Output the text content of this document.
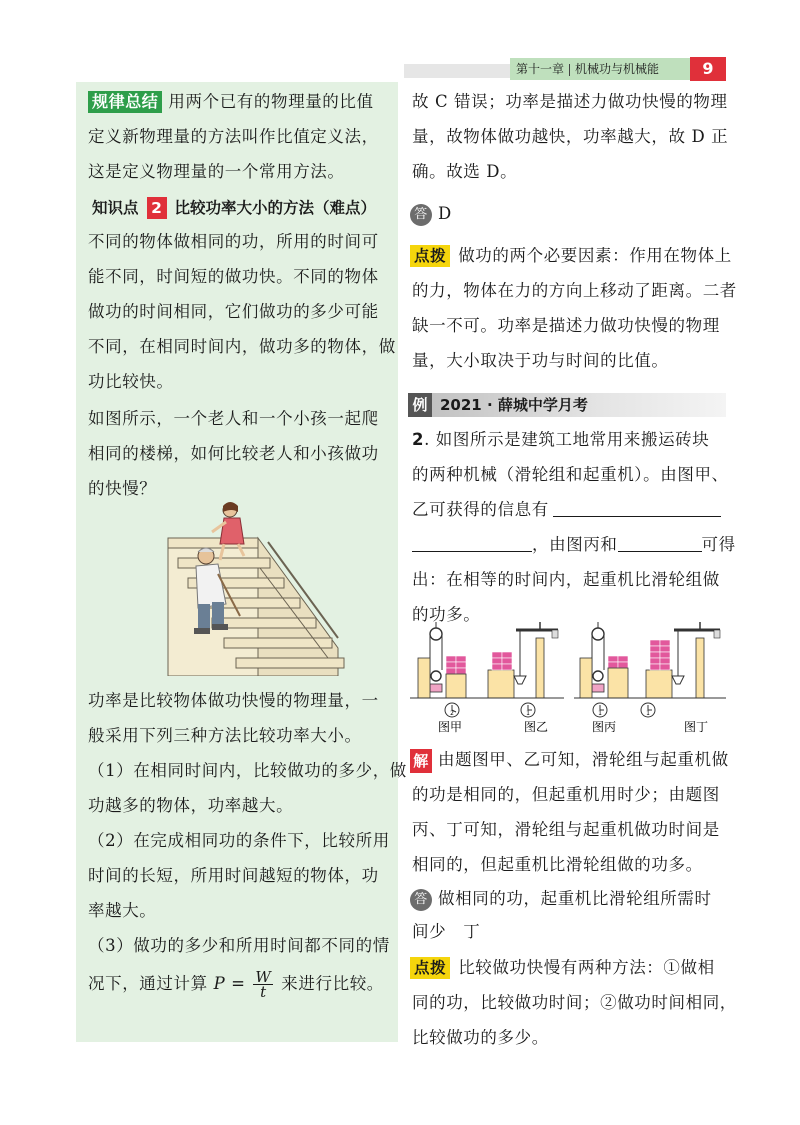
第十一章 机械功与机械能	9
规律总结 用两个已有的物理量的比值
定义新物理量的方法叫作比值定义法，
这是定义物理量的一个常用方法。
知识点 2 比较功率大小的方法（难点）
不同的物体做相同的功，所用的时间可
能不同，时间短的做功快。不同的物体
做功的时间相同，它们做功的多少可能
不同，在相同时间内，做功多的物体，做
功比较快。
如图所示，一个老人和一个小孩一起爬
相同的楼梯，如何比较老人和小孩做功
的快慢？
功率是比较物体做功快慢的物理量，一
般采用下列三种方法比较功率大小。
（1）在相同时间内，比较做功的多少，做
功越多的物体，功率越大。
（2）在完成相同功的条件下，比较所用
时间的长短，所用时间越短的物体，功
率越大。
（3）做功的多少和所用时间都不同的情
况下，通过计算 $P = \frac{W}{t}$ 来进行比较。
故 C 错误；功率是描述力做功快慢的物理
量，故物体做功越快，功率越大，故 D 正
确。故选 D。
答 D
点拨 做功的两个必要因素：作用在物体上
的力，物体在力的方向上移动了距离。二者
缺一不可。功率是描述力做功快慢的物理
量，大小取决于功与时间的比值。
例 2021 · 薛城中学月考
2. 如图所示是建筑工地常用来搬运砖块
的两种机械（滑轮组和起重机）。由图甲、
乙可获得的信息有
，由图丙和	可得
出：在相等的时间内，起重机比滑轮组做
的功多。
2
图甲
1
图乙
1
图丙
1
图丁
解 由题图甲、乙可知，滑轮组与起重机做
的功是相同的，但起重机用时少；由题图
丙、丁可知，滑轮组与起重机做功时间是
相同的，但起重机比滑轮组做的功多。
答 做相同的功，起重机比滑轮组所需时
间少　丁
点拨 比较做功快慢有两种方法：①做相
同的功，比较做功时间；②做功时间相同，
比较做功的多少。
